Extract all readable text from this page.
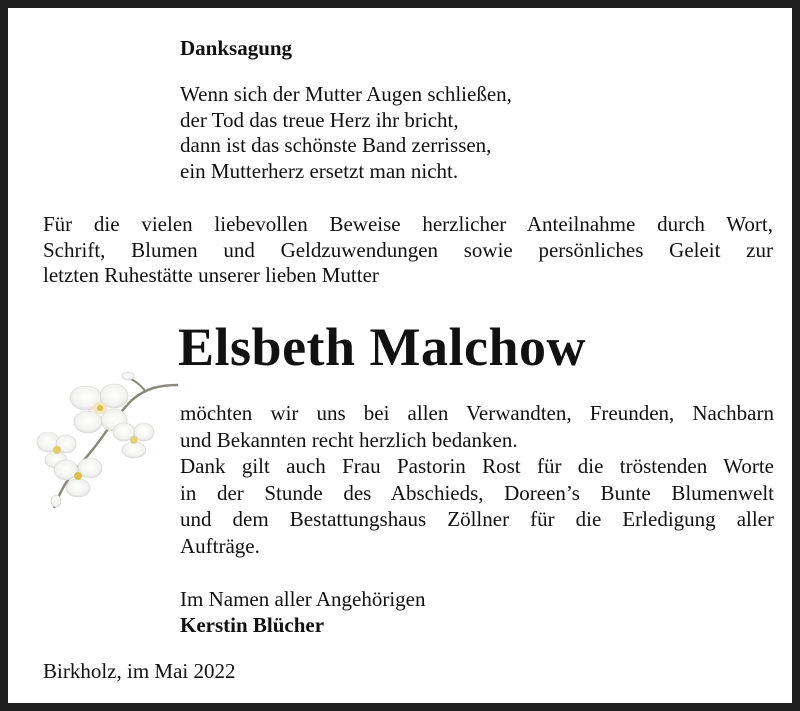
Danksagung
Wenn sich der Mutter Augen schließen,
der Tod das treue Herz ihr bricht,
dann ist das schönste Band zerrissen,
ein Mutterherz ersetzt man nicht.
Für die vielen liebevollen Beweise herzlicher Anteilnahme durch Wort,
Schrift, Blumen und Geldzuwendungen sowie persönliches Geleit zur
letzten Ruhestätte unserer lieben Mutter
Elsbeth Malchow
möchten wir uns bei allen Verwandten, Freunden, Nachbarn
und Bekannten recht herzlich bedanken.
Dank gilt auch Frau Pastorin Rost für die tröstenden Worte
in der Stunde des Abschieds, Doreen’s Bunte Blumenwelt
und dem Bestattungshaus Zöllner für die Erledigung aller
Aufträge.
Im Namen aller Angehörigen
Kerstin Blücher
Birkholz, im Mai 2022
